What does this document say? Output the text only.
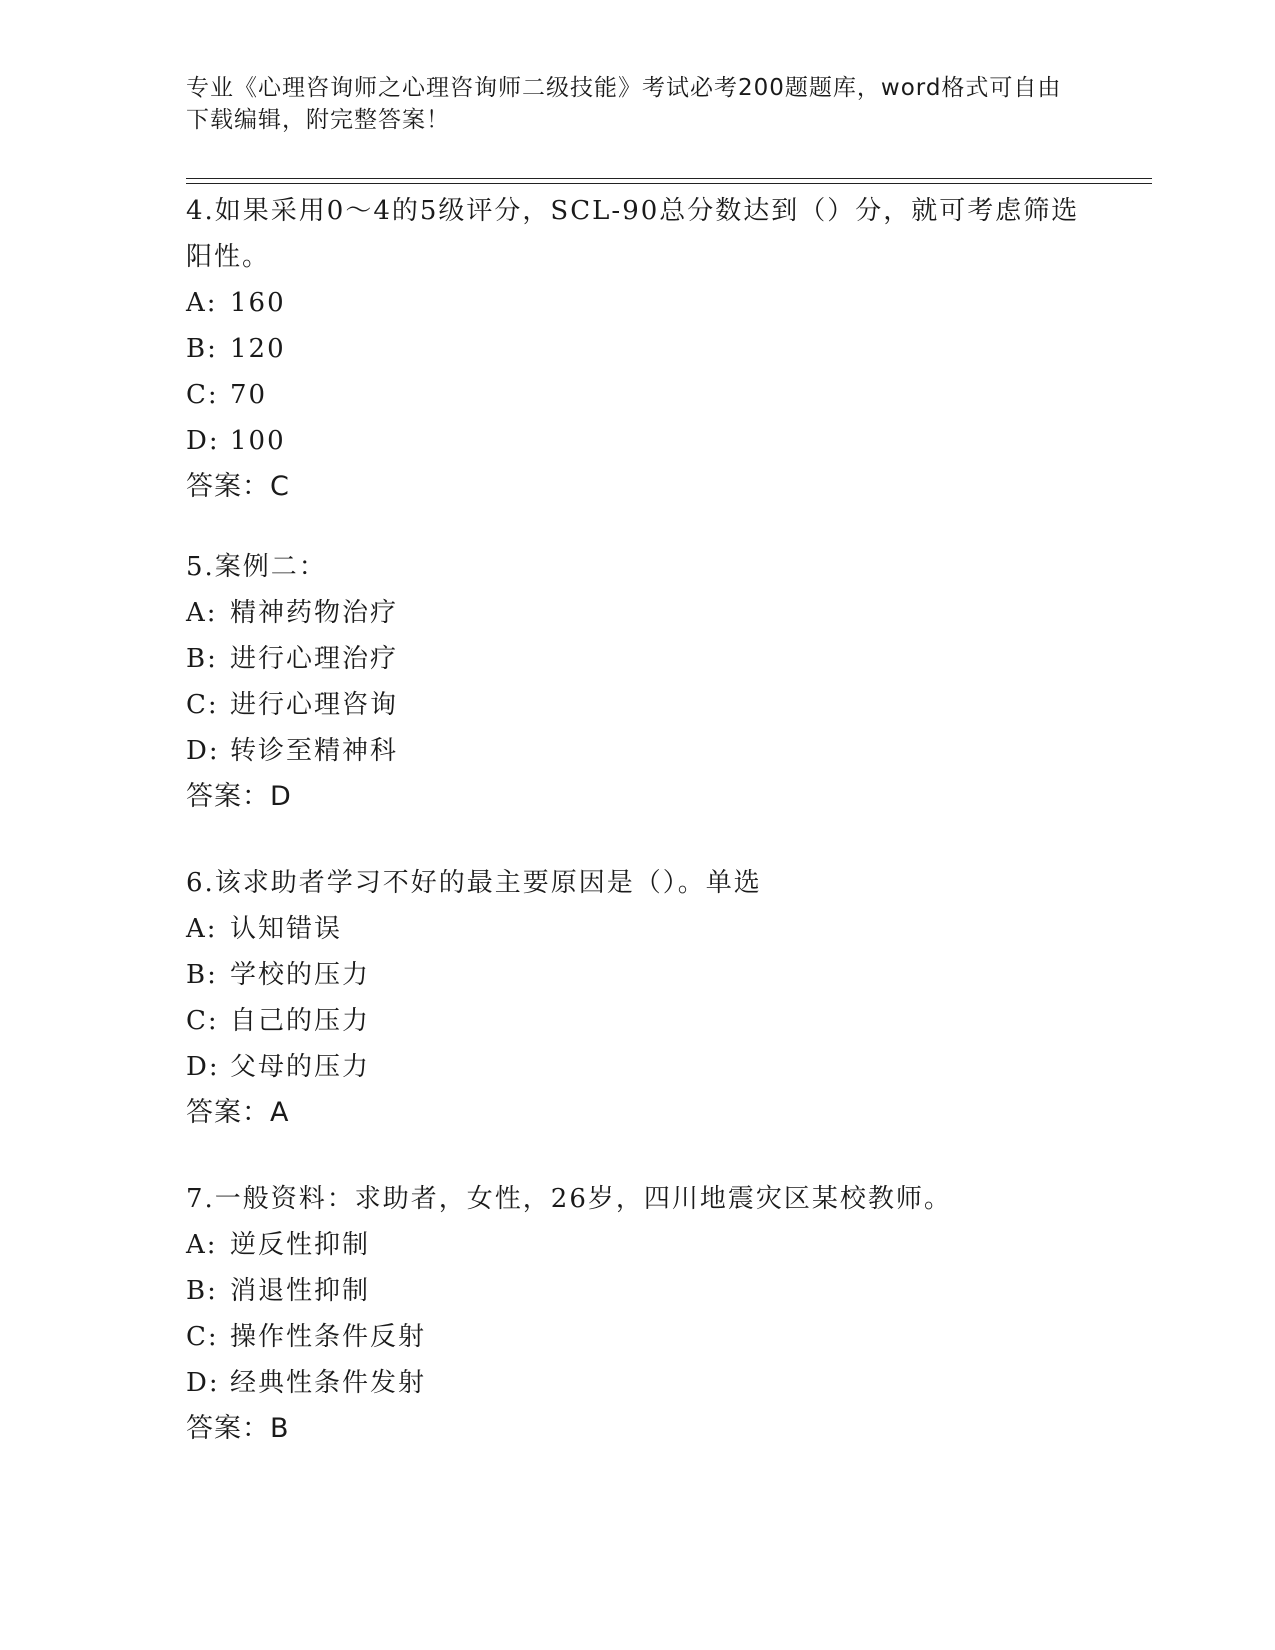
专业《心理咨询师之心理咨询师二级技能》考试必考200题题库，word格式可自由下载编辑，附完整答案！
4.如果采用0～4的5级评分，SCL-90总分数达到（）分，就可考虑筛选阳性。
A: 160
B: 120
C: 70
D: 100
答案：C
5.案例二：
A: 精神药物治疗
B: 进行心理治疗
C: 进行心理咨询
D: 转诊至精神科
答案：D
6.该求助者学习不好的最主要原因是（）。单选
A: 认知错误
B: 学校的压力
C: 自己的压力
D: 父母的压力
答案：A
7.一般资料：求助者，女性，26岁，四川地震灾区某校教师。
A: 逆反性抑制
B: 消退性抑制
C: 操作性条件反射
D: 经典性条件发射
答案：B
